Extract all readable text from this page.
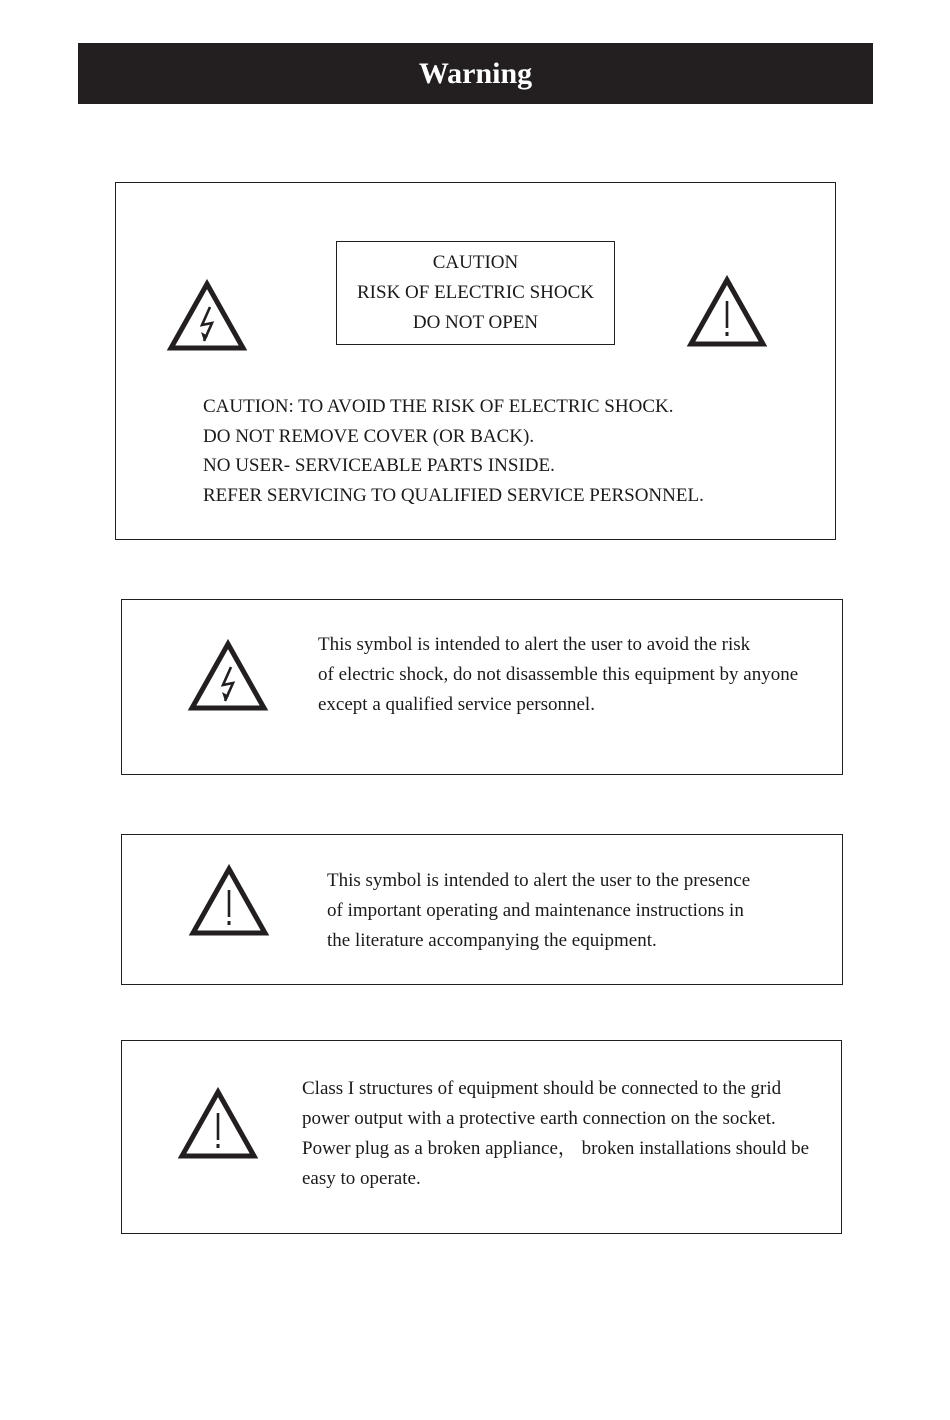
Warning
CAUTION
RISK OF ELECTRIC SHOCK
DO NOT OPEN
CAUTION: TO AVOID THE RISK OF ELECTRIC SHOCK.
DO NOT REMOVE COVER (OR BACK).
NO USER- SERVICEABLE PARTS INSIDE.
REFER SERVICING TO QUALIFIED SERVICE PERSONNEL.
This symbol is intended to alert the user to avoid the risk
of electric shock, do not disassemble this equipment by anyone
except a qualified service personnel.
This symbol is intended to alert the user to the presence
of important operating and maintenance instructions in
the literature accompanying the equipment.
Class I structures of equipment should be connected to the grid
power output with a protective earth connection on the socket.
Power plug as a broken appliance， broken installations should be
easy to operate.
